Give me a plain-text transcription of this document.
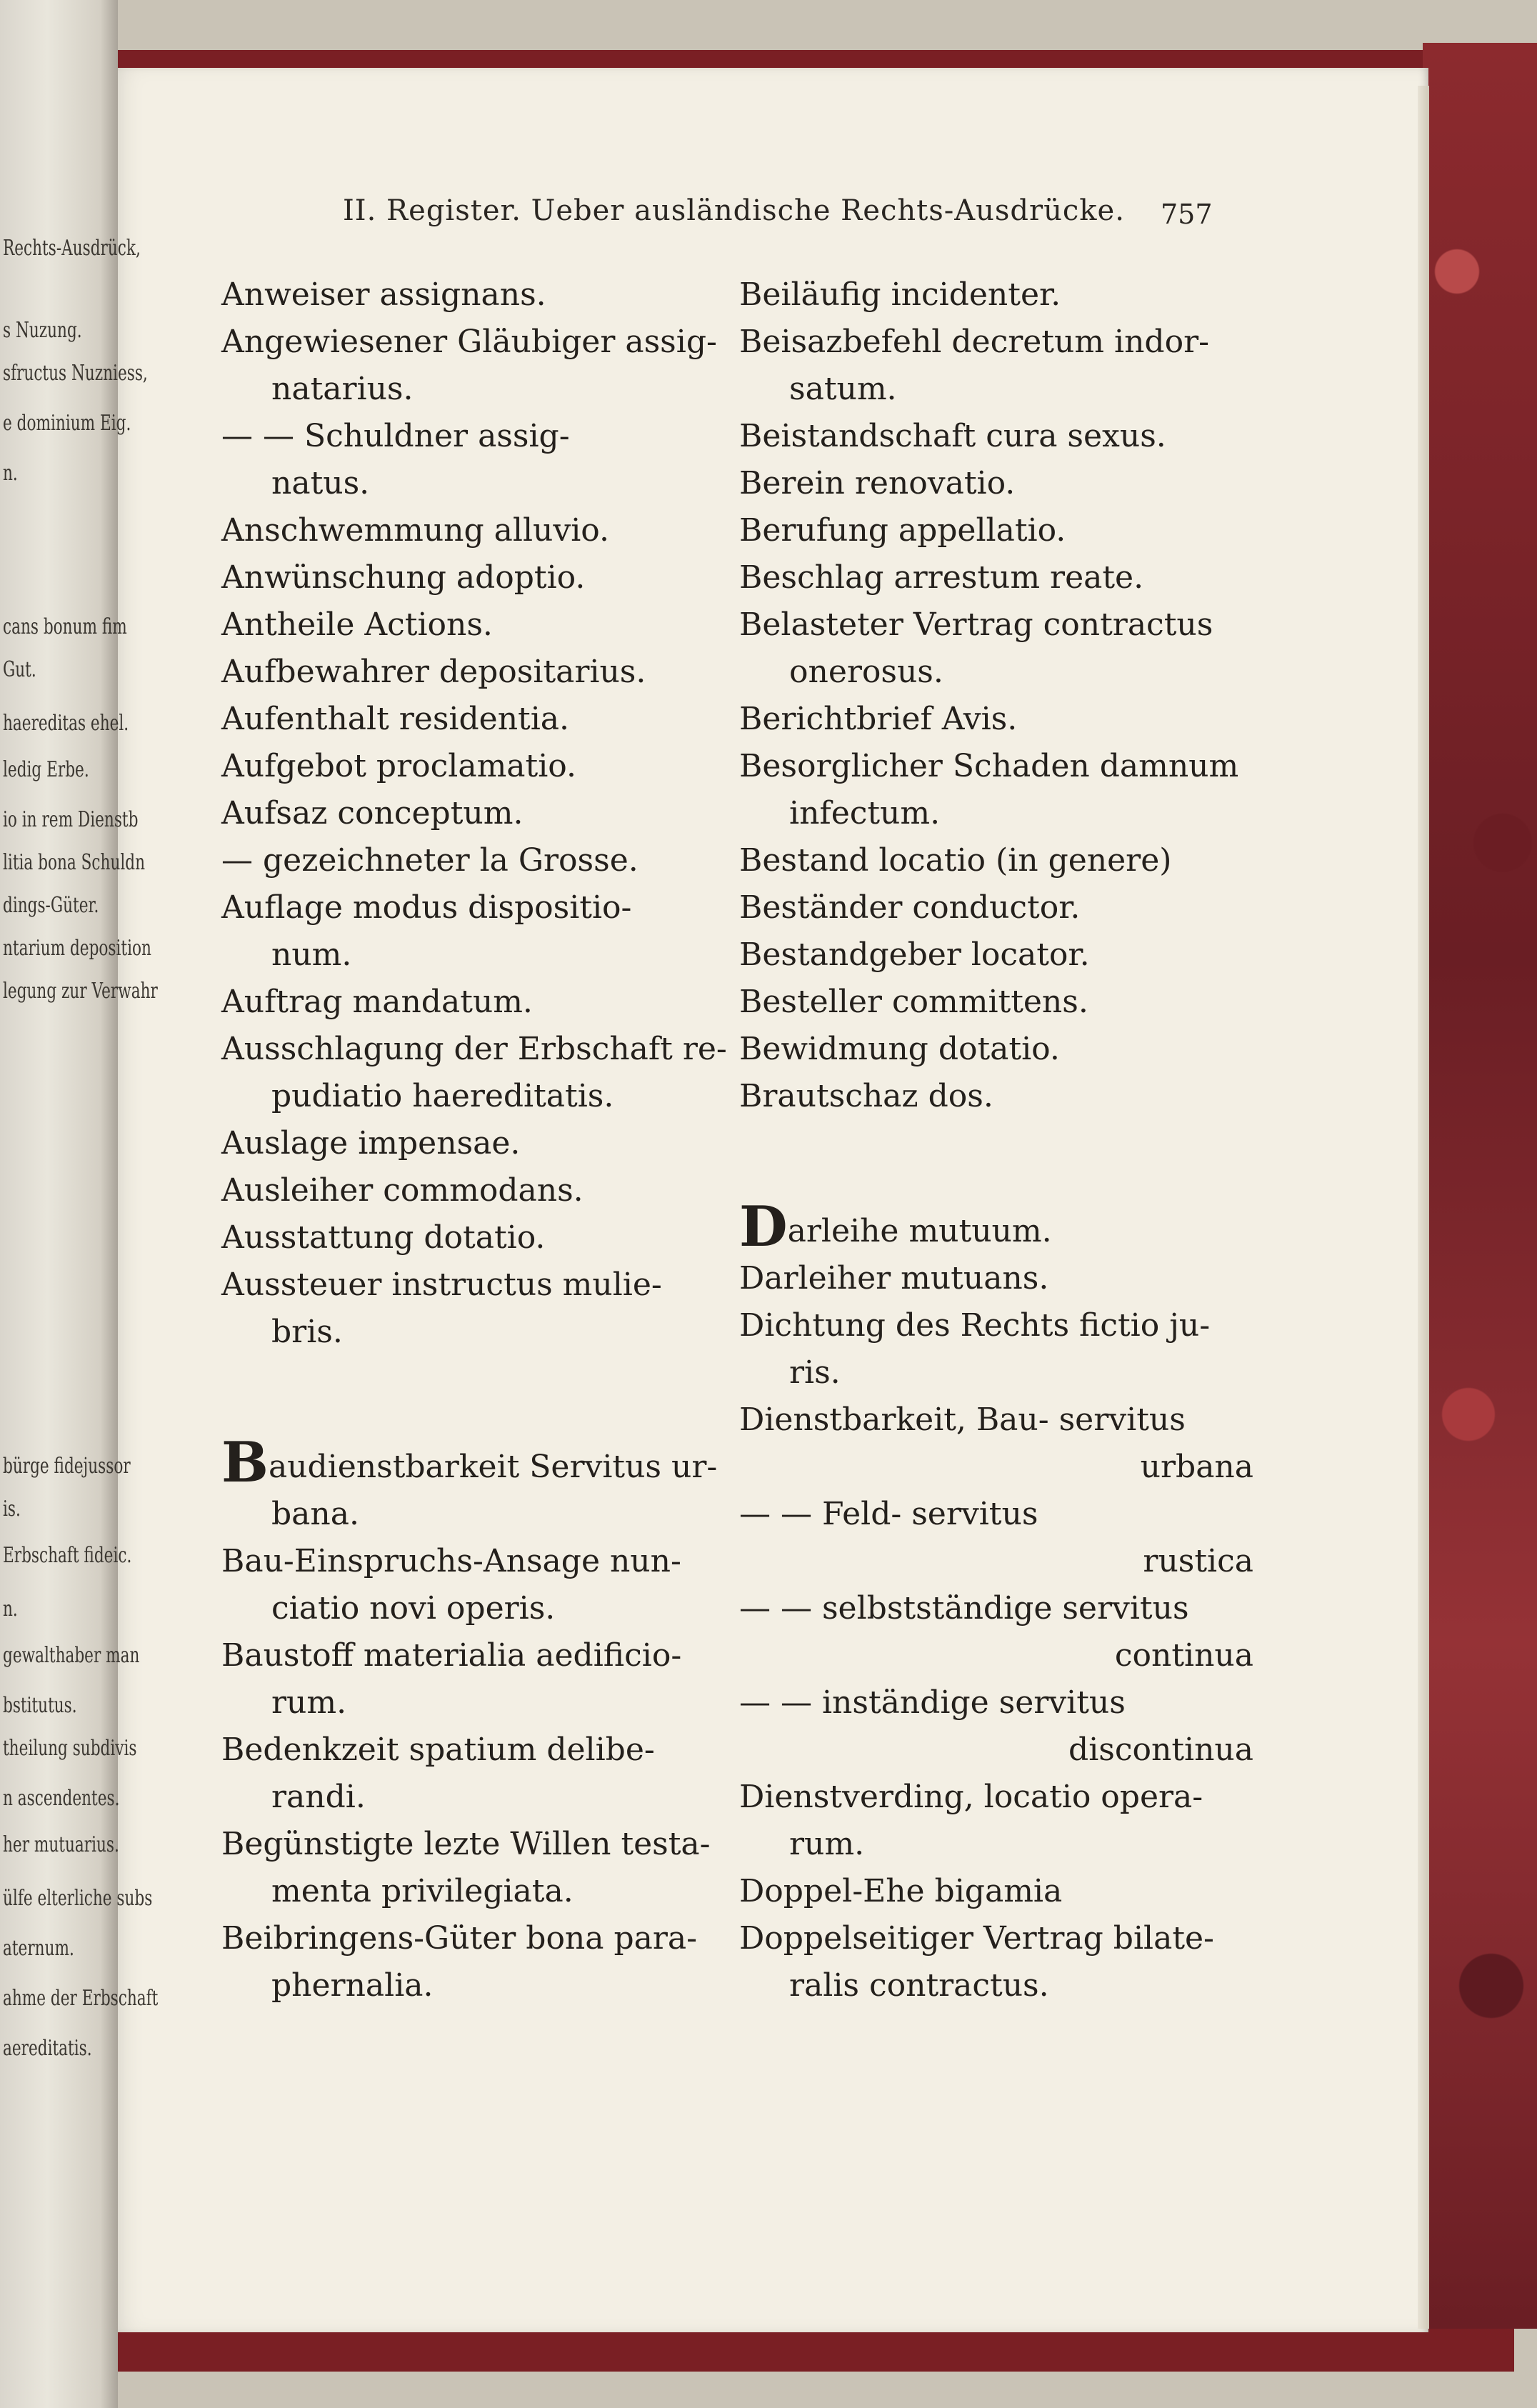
Rechts-Ausdrück,
s Nuzung.
sfructus Nuzniess,
e dominium Eig.
n.
cans bonum fim
Gut.
haereditas ehel.
ledig Erbe.
io in rem Dienstb
litia bona Schuldn
dings-Güter.
ntarium deposition
legung zur Verwahr
bürge fidejussor
is.
Erbschaft fideic.
n.
gewalthaber man
bstitutus.
theilung subdivis
n ascendentes.
her mutuarius.
ülfe elterliche subs
aternum.
ahme der Erbschaft
aereditatis.
II. Register. Ueber ausländische Rechts-Ausdrücke. 757
Anweiser assignans.
Angewiesener Gläubiger assig-
natarius.
— — Schuldner assig-
natus.
Anschwemmung alluvio.
Anwünschung adoptio.
Antheile Actions.
Aufbewahrer depositarius.
Aufenthalt residentia.
Aufgebot proclamatio.
Aufsaz conceptum.
— gezeichneter la Grosse.
Auflage modus dispositio-
num.
Auftrag mandatum.
Ausschlagung der Erbschaft re-
pudiatio haereditatis.
Auslage impensae.
Ausleiher commodans.
Ausstattung dotatio.
Aussteuer instructus mulie-
bris.
Baudienstbarkeit Servitus ur-
bana.
Bau-Einspruchs-Ansage nun-
ciatio novi operis.
Baustoff materialia aedificio-
rum.
Bedenkzeit spatium delibe-
randi.
Begünstigte lezte Willen testa-
menta privilegiata.
Beibringens-Güter bona para-
phernalia.
Beiläufig incidenter.
Beisazbefehl decretum indor-
satum.
Beistandschaft cura sexus.
Berein renovatio.
Berufung appellatio.
Beschlag arrestum reate.
Belasteter Vertrag contractus
onerosus.
Berichtbrief Avis.
Besorglicher Schaden damnum
infectum.
Bestand locatio (in genere)
Beständer conductor.
Bestandgeber locator.
Besteller committens.
Bewidmung dotatio.
Brautschaz dos.
Darleihe mutuum.
Darleiher mutuans.
Dichtung des Rechts fictio ju-
ris.
Dienstbarkeit, Bau- servitus
urbana
— — Feld- servitus
rustica
— — selbstständige servitus
continua
— — inständige servitus
discontinua
Dienstverding, locatio opera-
rum.
Doppel-Ehe bigamia
Doppelseitiger Vertrag bilate-
ralis contractus.
